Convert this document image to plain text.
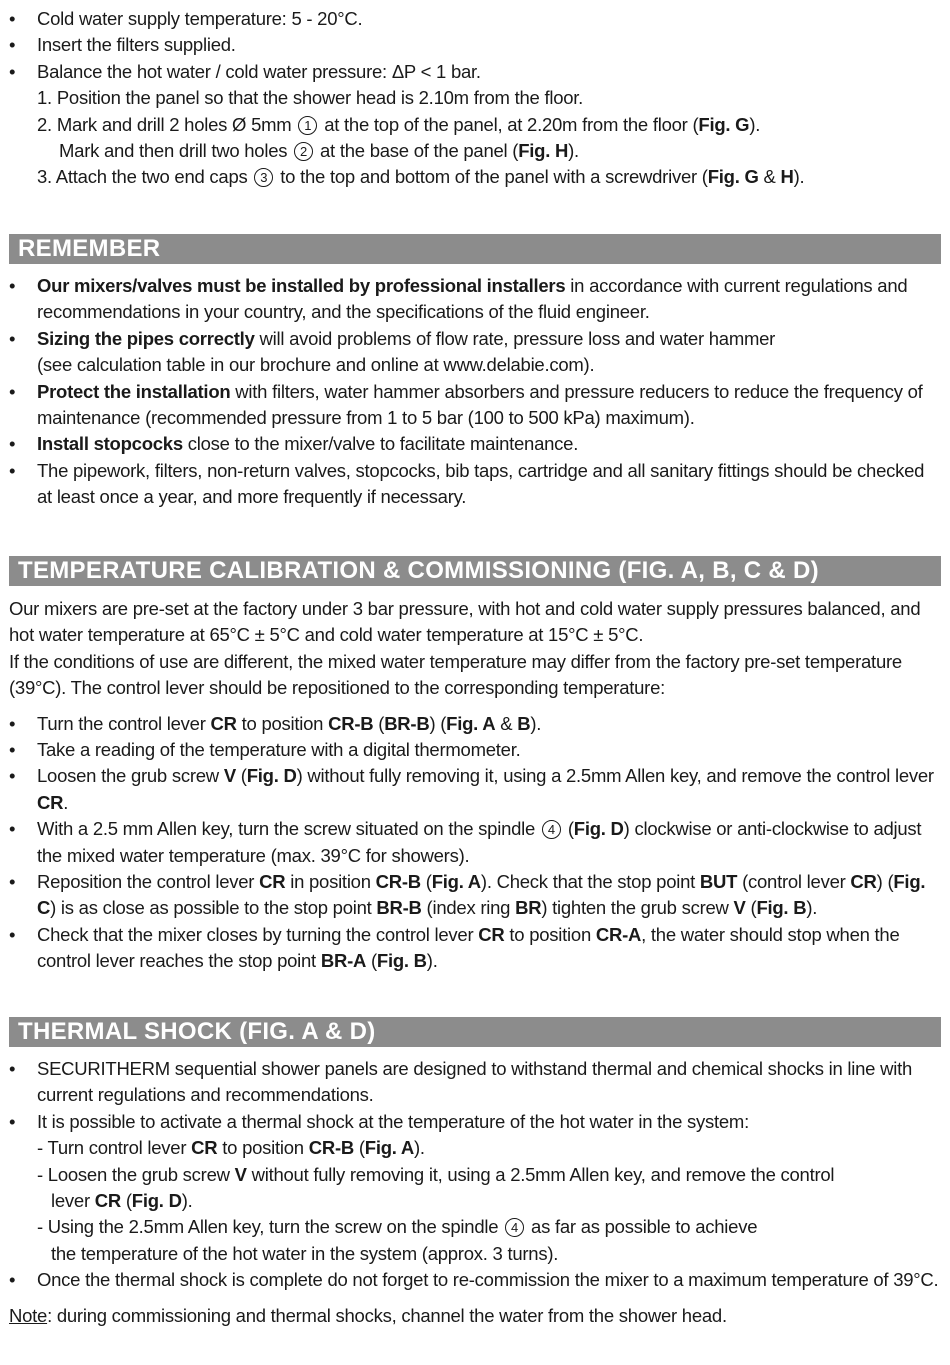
• Cold water supply temperature: 5 - 20°C.
• Insert the filters supplied.
• Balance the hot water / cold water pressure: ΔP < 1 bar.
1. Position the panel so that the shower head is 2.10m from the floor.
2. Mark and drill 2 holes Ø 5mm 1 at the top of the panel, at 2.20m from the floor (Fig. G).
Mark and then drill two holes 2 at the base of the panel (Fig. H).
3. Attach the two end caps 3 to the top and bottom of the panel with a screwdriver (Fig. G & H).
REMEMBER
• Our mixers/valves must be installed by professional installers in accordance with current regulations and recommendations in your country, and the specifications of the fluid engineer.
• Sizing the pipes correctly will avoid problems of flow rate, pressure loss and water hammer
(see calculation table in our brochure and online at www.delabie.com).
• Protect the installation with filters, water hammer absorbers and pressure reducers to reduce the frequency of maintenance (recommended pressure from 1 to 5 bar (100 to 500 kPa) maximum).
• Install stopcocks close to the mixer/valve to facilitate maintenance.
• The pipework, filters, non-return valves, stopcocks, bib taps, cartridge and all sanitary fittings should be checked at least once a year, and more frequently if necessary.
TEMPERATURE CALIBRATION & COMMISSIONING (FIG. A, B, C & D)
Our mixers are pre-set at the factory under 3 bar pressure, with hot and cold water supply pressures balanced, and hot water temperature at 65°C ± 5°C and cold water temperature at 15°C ± 5°C.
If the conditions of use are different, the mixed water temperature may differ from the factory pre-set temperature (39°C). The control lever should be repositioned to the corresponding temperature:
• Turn the control lever CR to position CR-B (BR-B) (Fig. A & B).
• Take a reading of the temperature with a digital thermometer.
• Loosen the grub screw V (Fig. D) without fully removing it, using a 2.5mm Allen key, and remove the control lever CR.
• With a 2.5 mm Allen key, turn the screw situated on the spindle 4 (Fig. D) clockwise or anti-clockwise to adjust the mixed water temperature (max. 39°C for showers).
• Reposition the control lever CR in position CR-B (Fig. A). Check that the stop point BUT (control lever CR) (Fig. C) is as close as possible to the stop point BR-B (index ring BR) tighten the grub screw V (Fig. B).
• Check that the mixer closes by turning the control lever CR to position CR-A, the water should stop when the control lever reaches the stop point BR-A (Fig. B).
THERMAL SHOCK (FIG. A & D)
• SECURITHERM sequential shower panels are designed to withstand thermal and chemical shocks in line with current regulations and recommendations.
• It is possible to activate a thermal shock at the temperature of the hot water in the system:
- Turn control lever CR to position CR-B (Fig. A).
- Loosen the grub screw V without fully removing it, using a 2.5mm Allen key, and remove the control
lever CR (Fig. D).
- Using the 2.5mm Allen key, turn the screw on the spindle 4 as far as possible to achieve
the temperature of the hot water in the system (approx. 3 turns).
• Once the thermal shock is complete do not forget to re-commission the mixer to a maximum temperature of 39°C.
Note: during commissioning and thermal shocks, channel the water from the shower head.
